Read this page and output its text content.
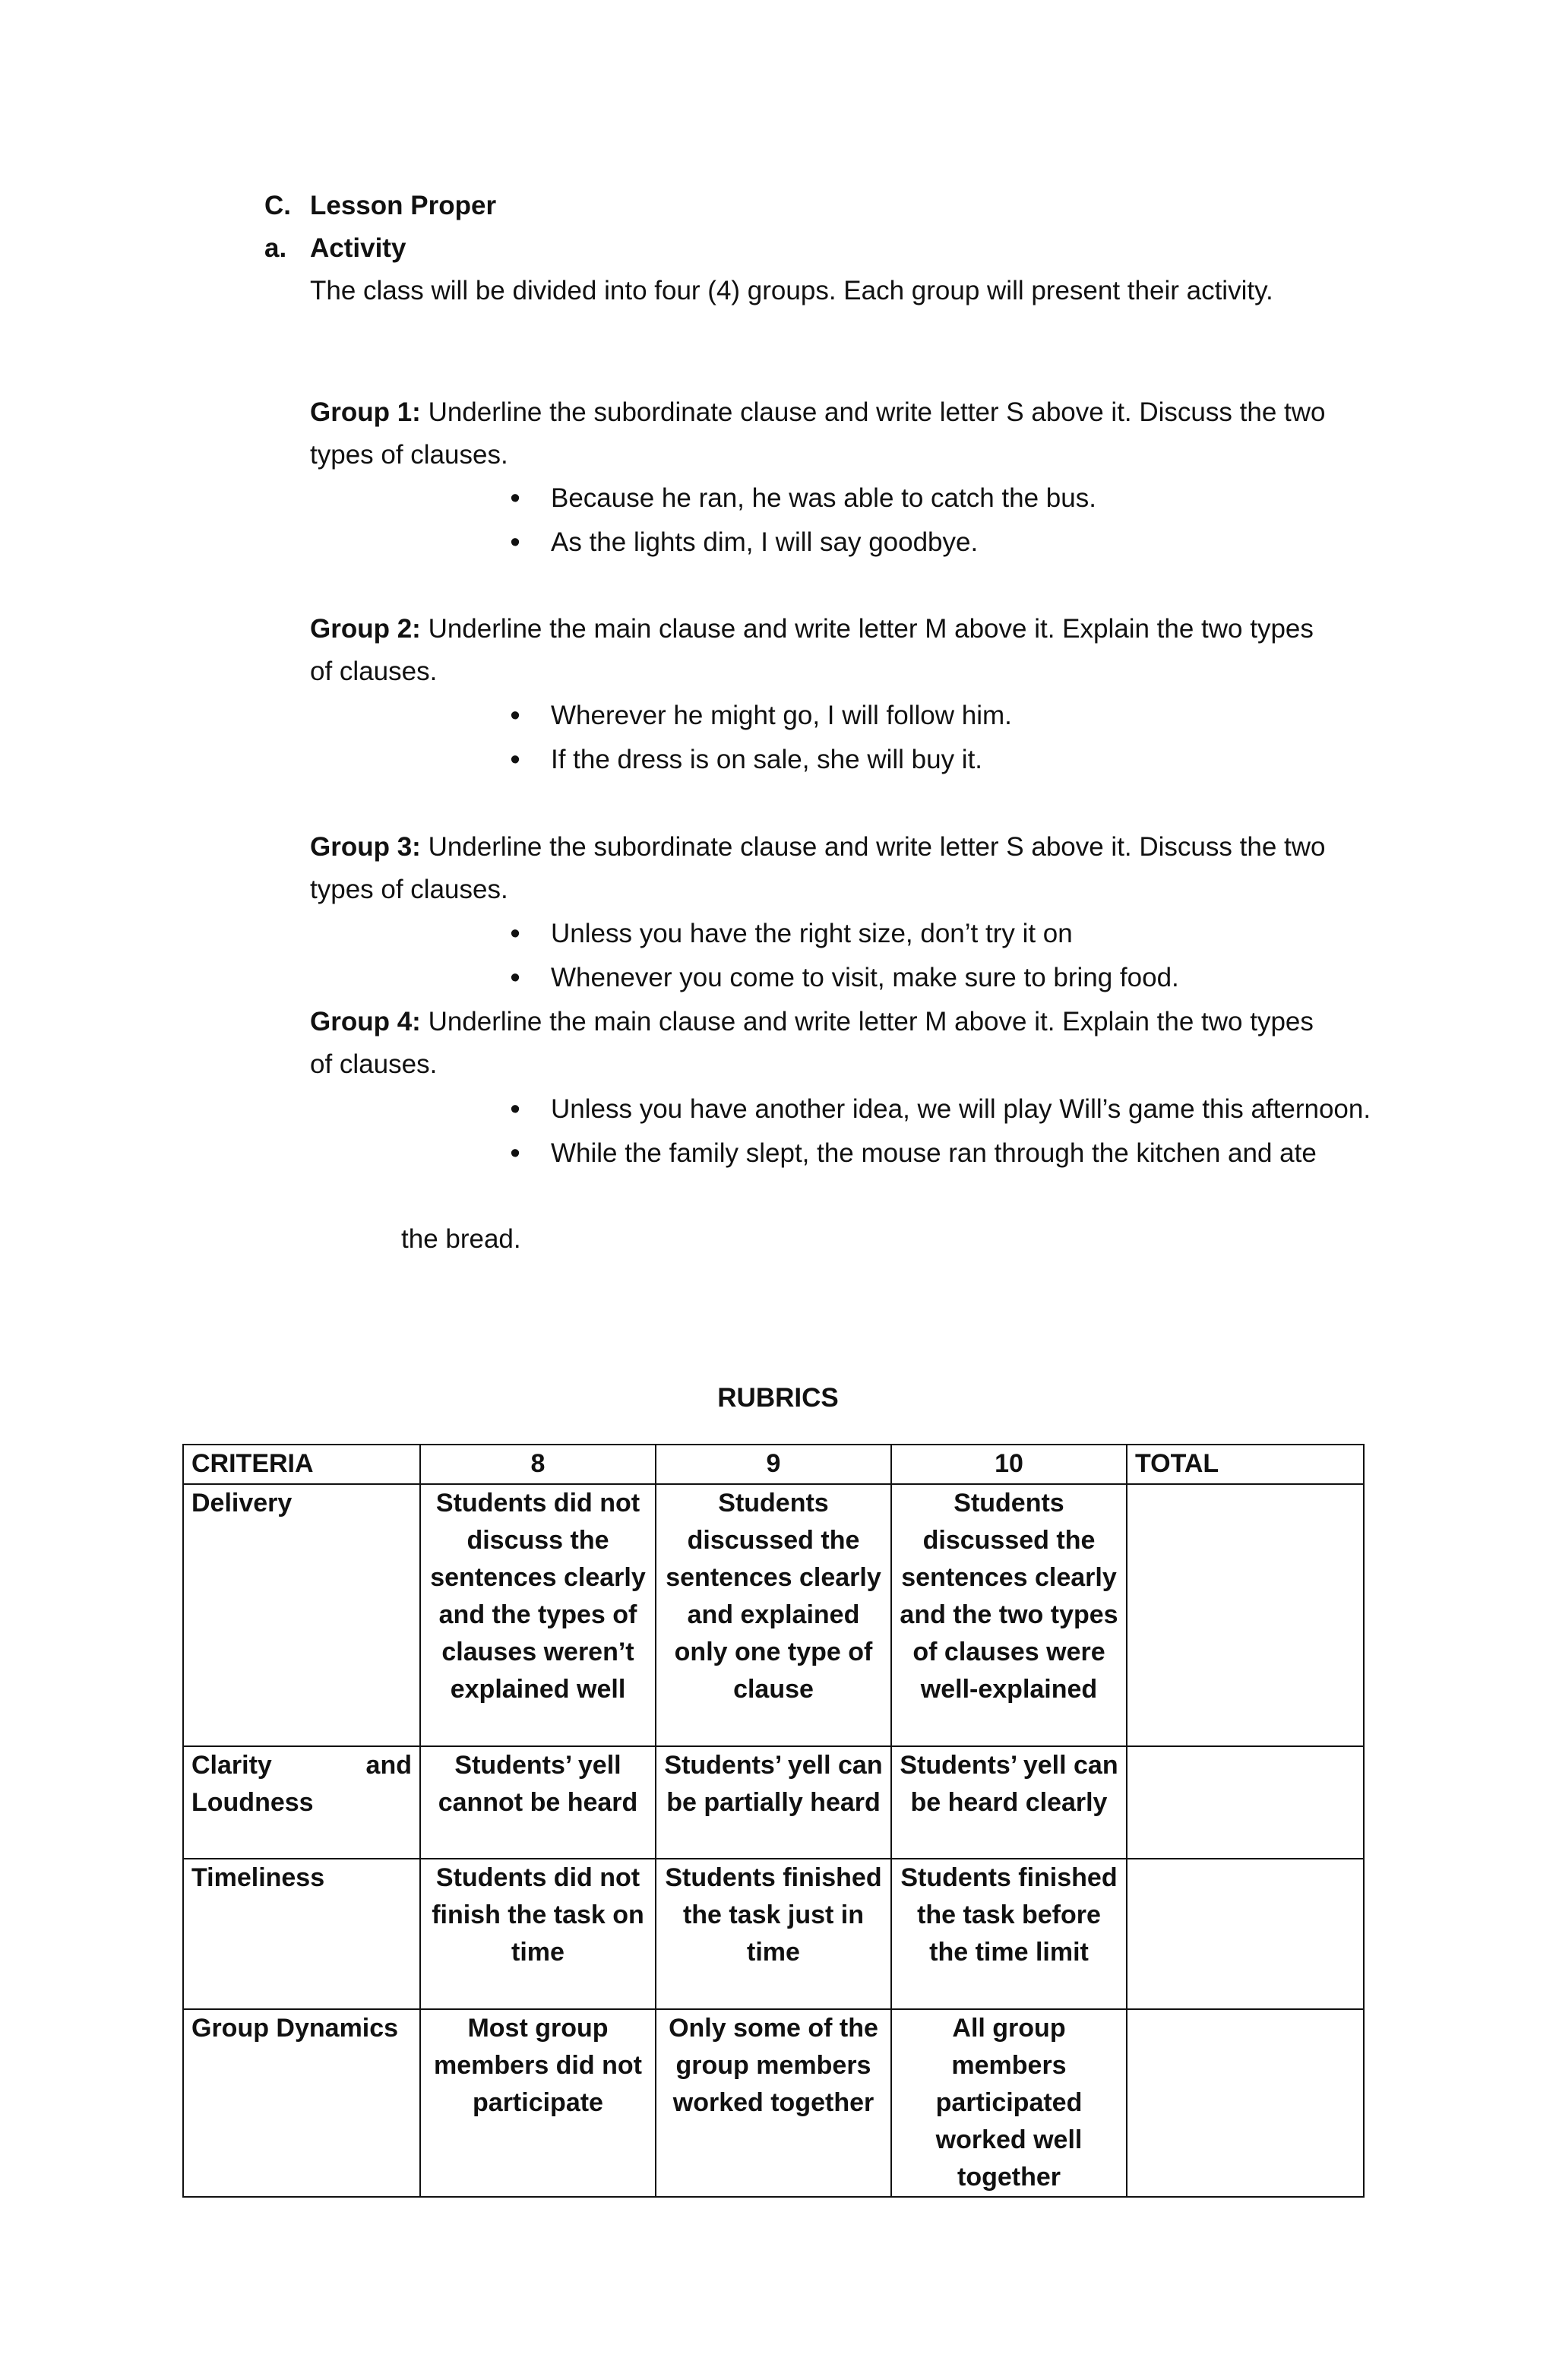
C. Lesson Proper
a. Activity
The class will be divided into four (4) groups. Each group will present their activity.
Group 1: Underline the subordinate clause and write letter S above it. Discuss the two
types of clauses.
• Because he ran, he was able to catch the bus.
• As the lights dim, I will say goodbye.
Group 2: Underline the main clause and write letter M above it. Explain the two types
of clauses.
• Wherever he might go, I will follow him.
• If the dress is on sale, she will buy it.
Group 3: Underline the subordinate clause and write letter S above it. Discuss the two
types of clauses.
• Unless you have the right size, don’t try it on
• Whenever you come to visit, make sure to bring food.
Group 4: Underline the main clause and write letter M above it. Explain the two types
of clauses.
• Unless you have another idea, we will play Will’s game this afternoon.
• While the family slept, the mouse ran through the kitchen and ate
the bread.
RUBRICS
CRITERIA	8	9	10	TOTAL
Delivery	Students did not discuss the sentences clearly and the types of clauses weren’t explained well	Students discussed the sentences clearly and explained only one type of clause	Students discussed the sentences clearly and the two types of clauses were well-explained	

Clarity and
Loudness	Students’ yell cannot be heard	Students’ yell can be partially heard	Students’ yell can be heard clearly	
Timeliness	Students did not finish the task on time	Students finished the task just in time	Students finished the task before the time limit	
Group Dynamics	Most group members did not participate	Only some of the group members worked together	All group members participated worked well together	
